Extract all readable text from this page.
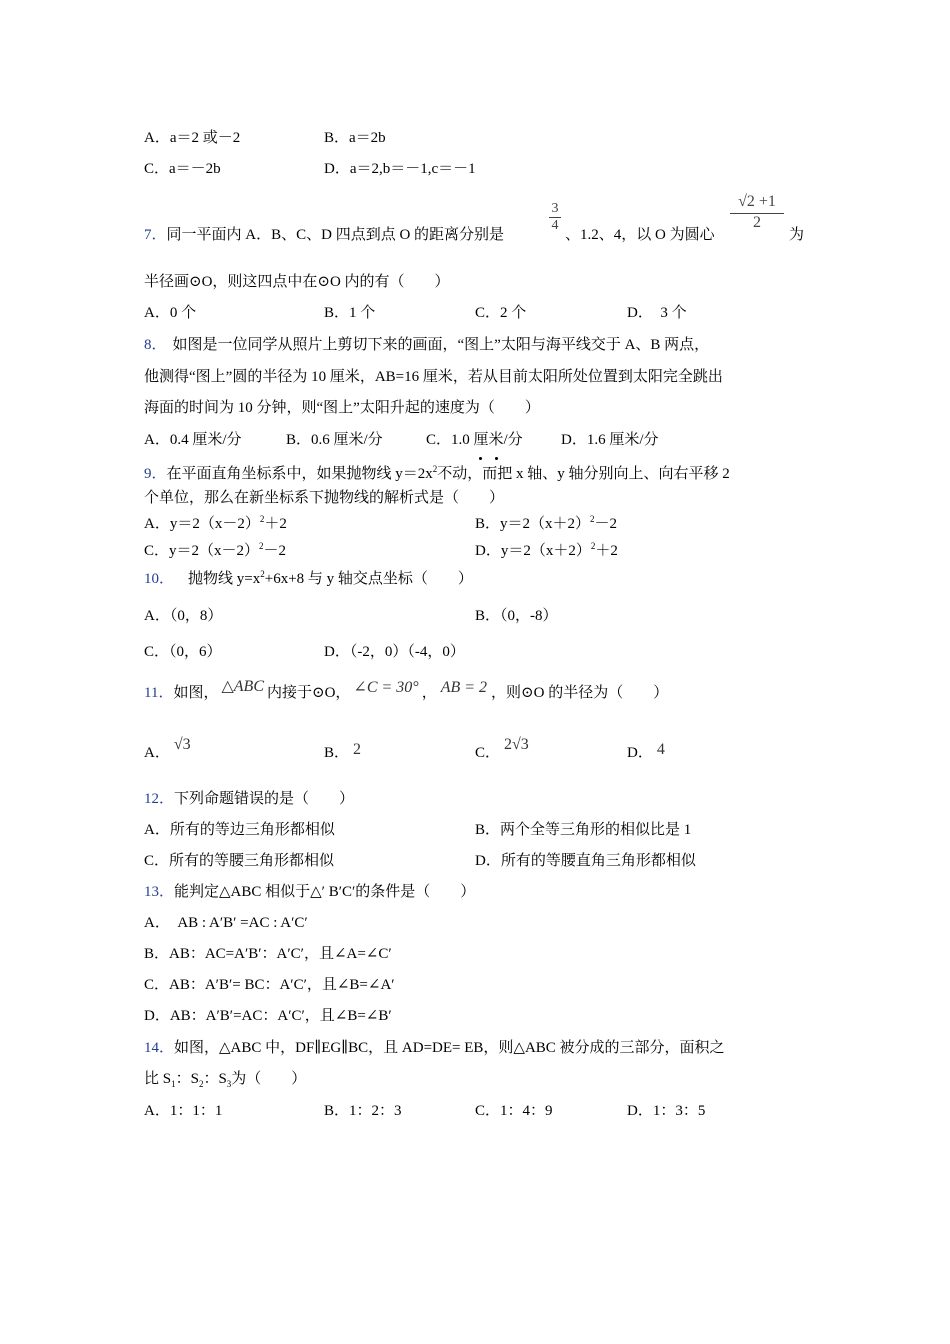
A．a＝2 或－2	B．a＝2b
C．a＝－2b	D．a＝2,b＝－1,c＝－1
7．同一平面内 A．B、C、D 四点到点 O 的距离分别是
$\frac{3}{4}$
、1.2、4，以 O 为圆心
$\frac{√2 +1}{2}$
为
半径画⊙O，则这四点中在⊙O 内的有（　　）
A．0 个	B．1 个	C．2 个	D．　3 个
8． 如图是一位同学从照片上剪切下来的画面，“图上”太阳与海平线交于 A、B 两点，
他测得“图上”圆的半径为 10 厘米，AB=16 厘米，若从目前太阳所处位置到太阳完全跳出
海面的时间为 10 分钟，则“图上”太阳升起的速度为（　　）
A．0.4 厘米/分	B．0.6 厘米/分	C．1.0 厘米/分	D．1.6 厘米/分
9．在平面直角坐标系中，如果抛物线 $y=2x^2$不动，而把 x 轴、y 轴分别向上、向右平移 2
个单位，那么在新坐标系下抛物线的解析式是（　　）
A．$y=2(x-2)^2+2$	B．$y=2(x+2)^2-2$
C．$y=2(x-2)^2-2$	D．$y=2(x+2)^2+2$
10． 抛物线 $y=x^2+6x+8$ 与 y 轴交点坐标（　　）
A．（0，8）	B．（0，-8）
C．（0，6）	D．（-2，0）（-4，0）
11．如图， △ABC 内接于⊙O， ∠C = 30° ， AB = 2 ，则⊙O 的半径为（　　）
A． √3	B． 2	C． 2√3	D． 4
12．下列命题错误的是（　　）
A．所有的等边三角形都相似	B．两个全等三角形的相似比是 1
C．所有的等腰三角形都相似	D．所有的等腰直角三角形都相似
13．能判定△ABC 相似于△′ B′C′的条件是（　　）
A．　AB : A′B′ =AC : A′C′
B．AB：AC=A′B′：A′C′，且∠A=∠C′
C．AB：A′B′= BC：A′C′，且∠B=∠A′
D．AB：A′B′=AC：A′C′，且∠B=∠B′
14．如图，△ABC 中，DF∥EG∥BC，且 AD=DE= EB，则△ABC 被分成的三部分，面积之
比 $S_1$：$S_2$：$S_3$为（　　）
A．1：1：1	B．1：2：3	C．1：4：9	D．1：3：5
